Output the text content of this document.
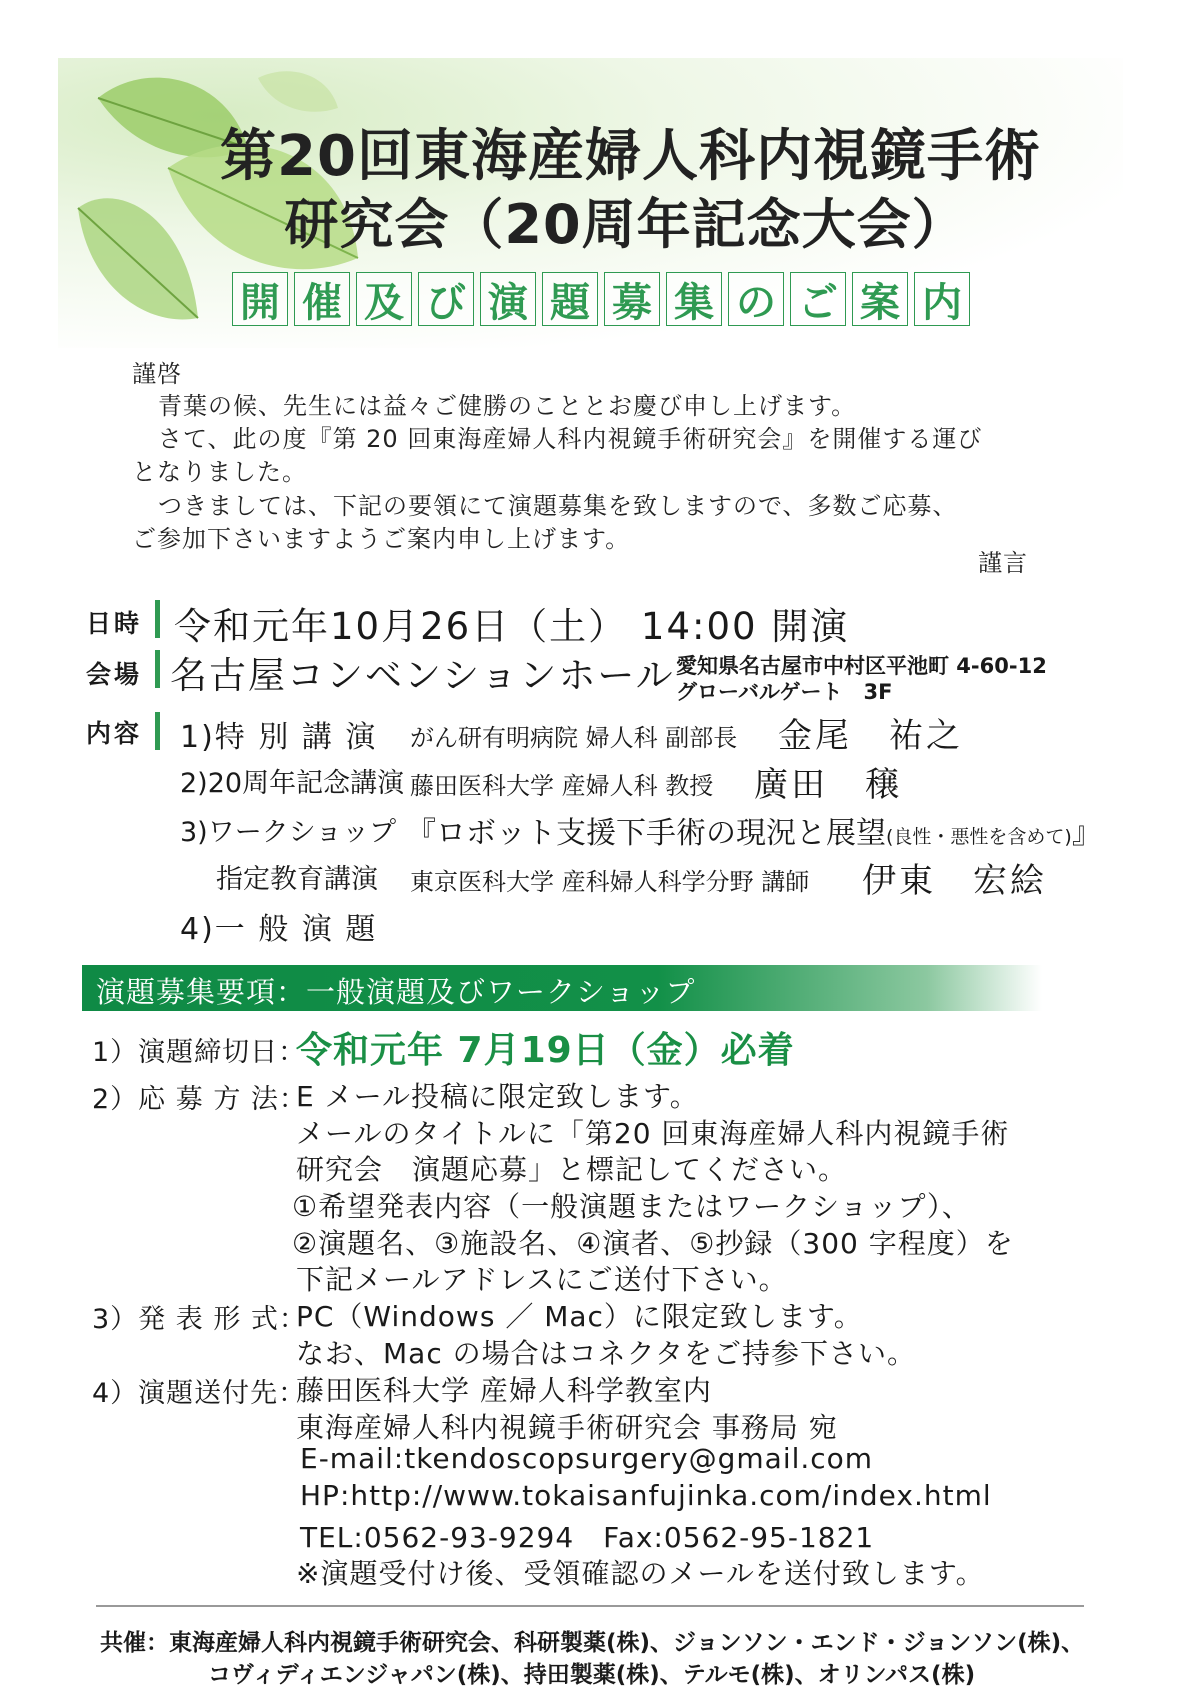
第20回東海産婦人科内視鏡手術
研究会（20周年記念大会）
開 催 及 び 演 題 募 集 の ご 案 内
謹啓
青葉の候、先生には益々ご健勝のこととお慶び申し上げます。
さて、此の度『第 20 回東海産婦人科内視鏡手術研究会』を開催する運び
となりました。
つきましては、下記の要領にて演題募集を致しますので、多数ご応募、
ご参加下さいますようご案内申し上げます。
謹言
日時 令和元年10月26日（土） 14:00 開演
会場 名古屋コンベンションホール 愛知県名古屋市中村区平池町 4-60-12
グローバルゲート　3F
内容 1)特 別 講 演 がん研有明病院 婦人科 副部長 金尾　祐之
2)20周年記念講演 藤田医科大学 産婦人科 教授 廣田　穣
3)ワークショップ 『ロボット支援下手術の現況と展望(良性・悪性を含めて)』
指定教育講演 東京医科大学 産科婦人科学分野 講師 伊東　宏絵
4)一 般 演 題
演題募集要項：一般演題及びワークショップ
1）演題締切日：
令和元年 7月19日（金）必着
2）応 募 方 法：
E メール投稿に限定致します。
メールのタイトルに「第20 回東海産婦人科内視鏡手術
研究会　演題応募」と標記してください。
①希望発表内容（一般演題またはワークショップ）、
②演題名、③施設名、④演者、⑤抄録（300 字程度）を
下記メールアドレスにご送付下さい。
3）発 表 形 式：
PC（Windows ／ Mac）に限定致します。
なお、Mac の場合はコネクタをご持参下さい。
4）演題送付先：
藤田医科大学 産婦人科学教室内
東海産婦人科内視鏡手術研究会 事務局 宛
E-mail:tkendoscopsurgery@gmail.com
HP:http://www.tokaisanfujinka.com/index.html
TEL:0562-93-9294　Fax:0562-95-1821
※演題受付け後、受領確認のメールを送付致します。
共催：東海産婦人科内視鏡手術研究会、科研製薬(株)、ジョンソン・エンド・ジョンソン(株)、
コヴィディエンジャパン(株)、持田製薬(株)、テルモ(株)、オリンパス(株)
